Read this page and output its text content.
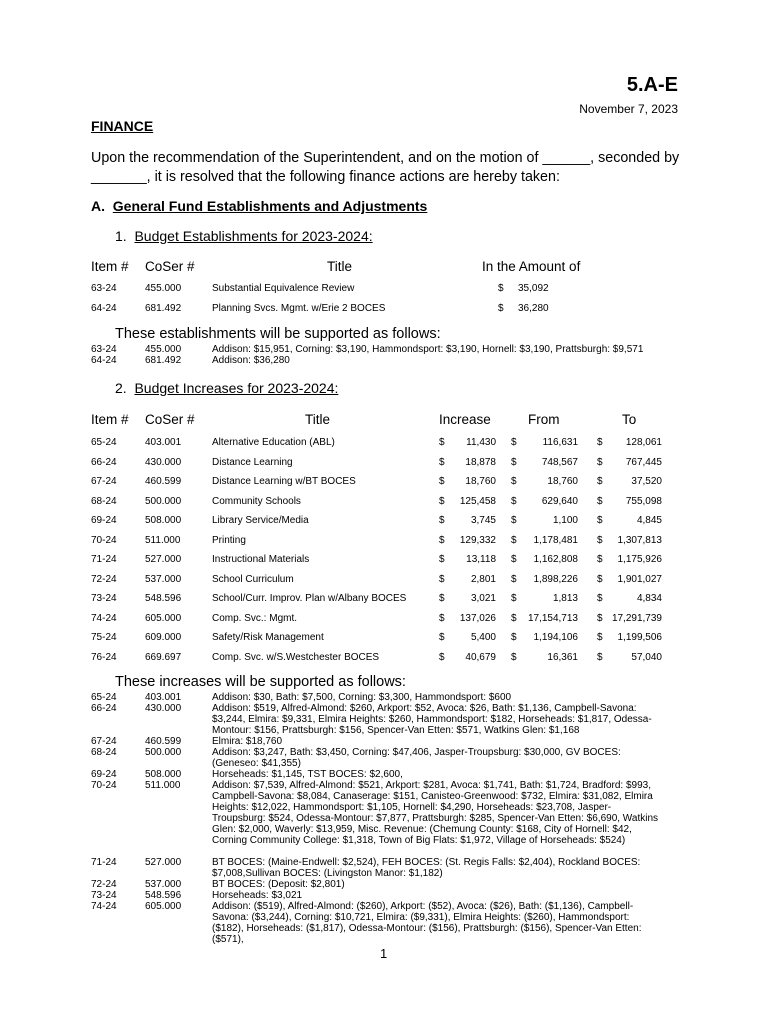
5.A-E
November 7, 2023
FINANCE
Upon the recommendation of the Superintendent, and on the motion of ______, seconded by _______, it is resolved that the following finance actions are hereby taken:
A. General Fund Establishments and Adjustments
1. Budget Establishments for 2023-2024:
Item # CoSer #	Title	In the Amount of
63-24	455.000	Substantial Equivalence Review	$ 35,092
64-24	681.492	Planning Svcs. Mgmt. w/Erie 2 BOCES	$ 36,280
These establishments will be supported as follows:
63-24	455.000	Addison: $15,951, Corning: $3,190, Hammondsport: $3,190, Hornell: $3,190, Prattsburgh: $9,571
64-24	681.492	Addison: $36,280
2. Budget Increases for 2023-2024:
Item # CoSer #	Title	Increase	From	To
65-24	403.001	Alternative Education (ABL)	$	11,430 $	116,631 $	128,061
66-24	430.000	Distance Learning	$	18,878 $	748,567 $	767,445
67-24	460.599	Distance Learning w/BT BOCES	$	18,760 $	18,760 $	37,520
68-24	500.000	Community Schools	$	125,458 $	629,640 $	755,098
69-24	508.000	Library Service/Media	$	3,745 $	1,100 $	4,845
70-24	511.000	Printing	$	129,332 $	1,178,481 $	1,307,813
71-24	527.000	Instructional Materials	$	13,118 $	1,162,808 $	1,175,926
72-24	537.000	School Curriculum	$	2,801 $	1,898,226 $	1,901,027
73-24	548.596	School/Curr. Improv. Plan w/Albany BOCES	$	3,021 $	1,813 $	4,834
74-24	605.000	Comp. Svc.: Mgmt.	$	137,026 $	17,154,713 $ 17,291,739
75-24	609.000	Safety/Risk Management	$	5,400 $	1,194,106 $	1,199,506
76-24	669.697	Comp. Svc. w/S.Westchester BOCES	$	40,679 $	16,361 $	57,040
These increases will be supported as follows:
65-24	403.001	Addison: $30, Bath: $7,500, Corning: $3,300, Hammondsport: $600
66-24	430.000	Addison: $519, Alfred-Almond: $260, Arkport: $52, Avoca: $26, Bath: $1,136, Campbell-Savona: $3,244, Elmira: $9,331, Elmira Heights: $260, Hammondsport: $182, Horseheads: $1,817, Odessa-Montour: $156, Prattsburgh: $156, Spencer-Van Etten: $571, Watkins Glen: $1,168
67-24	460.599	Elmira: $18,760
68-24	500.000	Addison: $3,247, Bath: $3,450, Corning: $47,406, Jasper-Troupsburg: $30,000, GV BOCES: (Geneseo: $41,355)
69-24	508.000	Horseheads: $1,145, TST BOCES: $2,600,
70-24	511.000	Addison: $7,539, Alfred-Almond: $521, Arkport: $281, Avoca: $1,741, Bath: $1,724, Bradford: $993, Campbell-Savona: $8,084, Canaserage: $151, Canisteo-Greenwood: $732, Elmira: $31,082, Elmira Heights: $12,022, Hammondsport: $1,105, Hornell: $4,290, Horseheads: $23,708, Jasper-Troupsburg: $524, Odessa-Montour: $7,877, Prattsburgh: $285, Spencer-Van Etten: $6,690, Watkins Glen: $2,000, Waverly: $13,959, Misc. Revenue: (Chemung County: $168, City of Hornell: $42, Corning Community College: $1,318, Town of Big Flats: $1,972, Village of Horseheads: $524)
71-24	527.000	BT BOCES: (Maine-Endwell: $2,524), FEH BOCES: (St. Regis Falls: $2,404), Rockland BOCES: $7,008,Sullivan BOCES: (Livingston Manor: $1,182)
72-24	537.000	BT BOCES: (Deposit: $2,801)
73-24	548.596	Horseheads: $3,021
74-24	605.000	Addison: ($519), Alfred-Almond: ($260), Arkport: ($52), Avoca: ($26), Bath: ($1,136), Campbell-Savona: ($3,244), Corning: $10,721, Elmira: ($9,331), Elmira Heights: ($260), Hammondsport: ($182), Horseheads: ($1,817), Odessa-Montour: ($156), Prattsburgh: ($156), Spencer-Van Etten: ($571),
1
